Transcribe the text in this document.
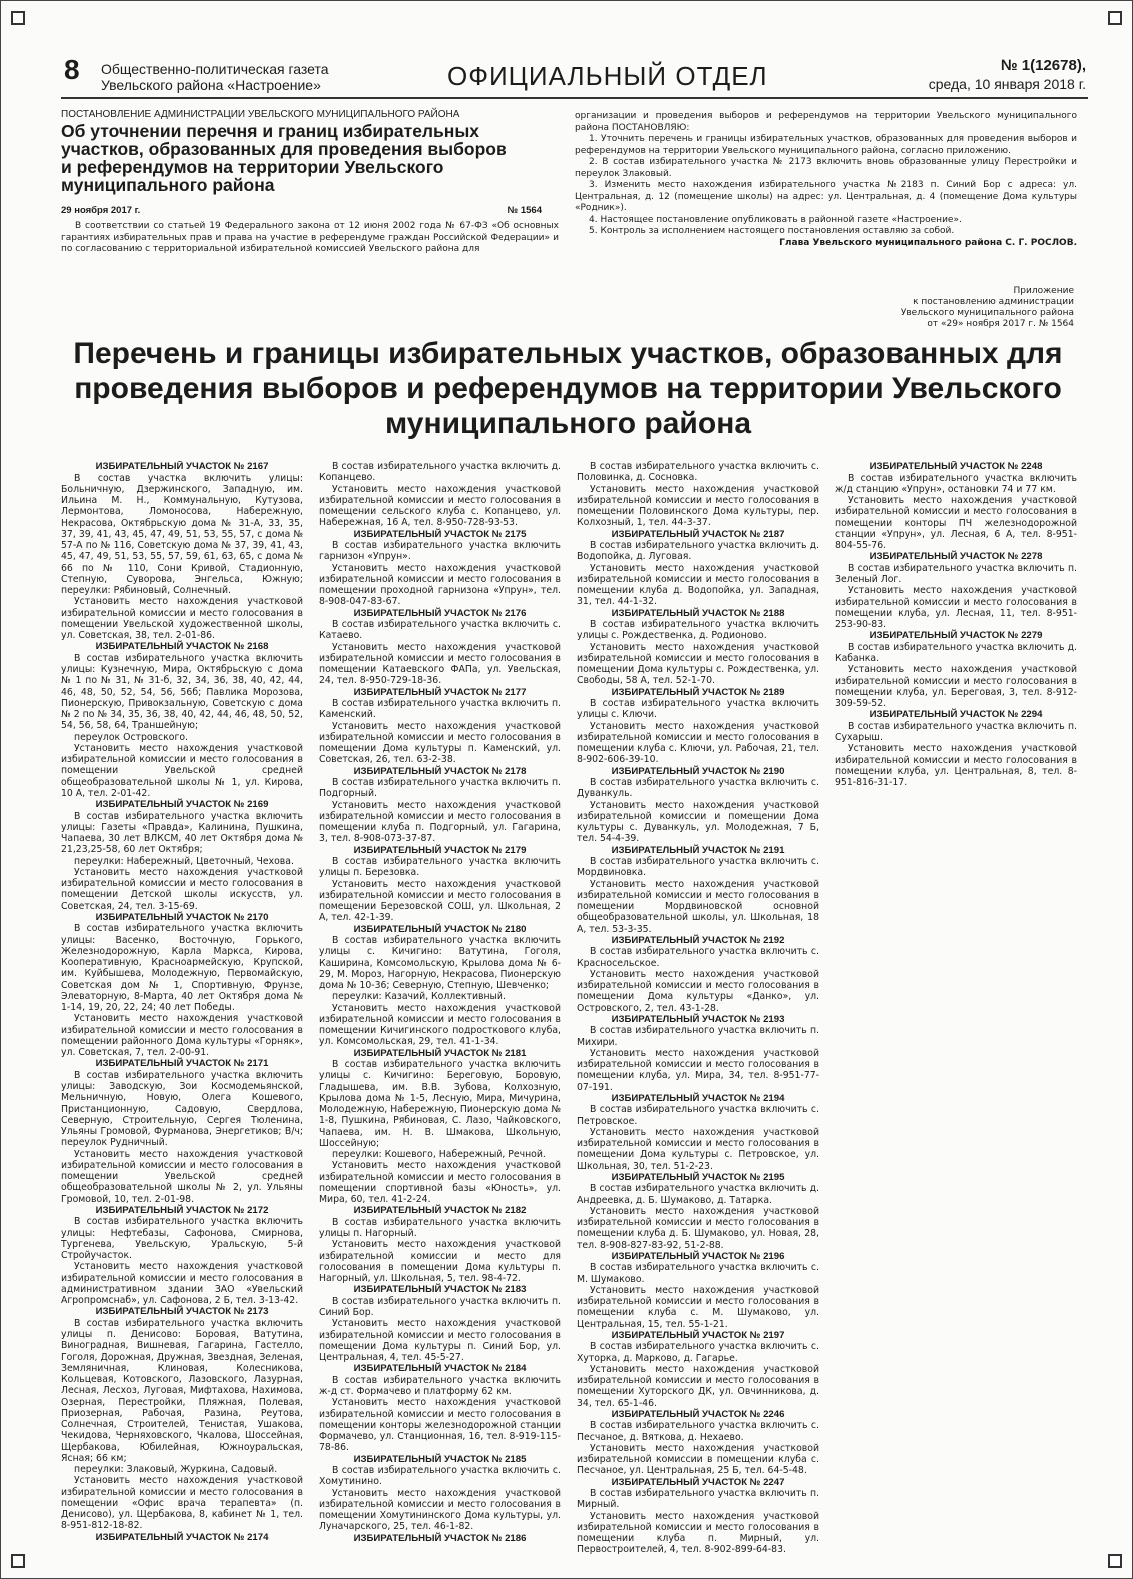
8 Общественно-политическая газета
Увельского района «Настроение»	ОФИЦИАЛЬНЫЙ ОТДЕЛ	№ 1(12678),
среда, 10 января 2018 г.
ПОСТАНОВЛЕНИЕ АДМИНИСТРАЦИИ УВЕЛЬСКОГО МУНИЦИПАЛЬНОГО РАЙОНА
Об уточнении перечня и границ избирательных участков, образованных для проведения выборов и референдумов на территории Увельского муниципального района
29 ноября 2017 г.	№ 1564

В соответствии со статьей 19 Федерального закона от 12 июня 2002 года № 67-ФЗ «Об основных гарантиях избирательных прав и права на участие в референдуме граждан Российской Федерации» и по согласованию с территориальной избирательной комиссией Увельского района для

организации и проведения выборов и референдумов на территории Увельского муниципального района ПОСТАНОВЛЯЮ:

1. Уточнить перечень и границы избирательных участков, образованных для проведения выборов и референдумов на территории Увельского муниципального района, согласно приложению.

2. В состав избирательного участка № 2173 включить вновь образованные улицу Перестройки и переулок Злаковый.

3. Изменить место нахождения избирательного участка №2183 п. Синий Бор с адреса: ул. Центральная, д. 12 (помещение школы) на адрес: ул. Центральная, д. 4 (помещение Дома культуры «Родник»).

4. Настоящее постановление опубликовать в районной газете «Настроение».

5. Контроль за исполнением настоящего постановления оставляю за собой.

Глава Увельского муниципального района С. Г. РОСЛОВ.

Приложение
к постановлению администрации
Увельского муниципального района
от «29» ноября 2017 г. № 1564
Перечень и границы избирательных участков, образованных для проведения выборов и референдумов на территории Увельского муниципального района
ИЗБИРАТЕЛЬНЫЙ УЧАСТОК № 2167

В состав участка включить улицы: Больничную, Дзержинского, Западную, им. Ильина М. Н., Коммунальную, Кутузова, Лермонтова, Ломоносова, Набережную, Некрасова, Октябрьскую дома № 31-А, 33, 35, 37, 39, 41, 43, 45, 47, 49, 51, 53, 55, 57, с дома № 57-А по № 116, Советскую дома № 37, 39, 41, 43, 45, 47, 49, 51, 53, 55, 57, 59, 61, 63, 65, с дома № 66 по № 110, Сони Кривой, Стадионную, Степную, Суворова, Энгельса, Южную; переулки: Рябиновый, Солнечный.

Установить место нахождения участковой избирательной комиссии и место голосования в помещении Увельской художественной школы, ул. Советская, 38, тел. 2-01-86.

ИЗБИРАТЕЛЬНЫЙ УЧАСТОК № 2168

В состав избирательного участка включить улицы: Кузнечную, Мира, Октябрьскую с дома № 1 по № 31, № 31-б, 32, 34, 36, 38, 40, 42, 44, 46, 48, 50, 52, 54, 56, 56б; Павлика Морозова, Пионерскую, Привокзальную, Советскую с дома № 2 по № 34, 35, 36, 38, 40, 42, 44, 46, 48, 50, 52, 54, 56, 58, 64, Траншейную;

переулок Островского.

Установить место нахождения участковой избирательной комиссии и место голосования в помещении Увельской средней общеобразовательной школы № 1, ул. Кирова, 10 А, тел. 2-01-42.

ИЗБИРАТЕЛЬНЫЙ УЧАСТОК № 2169

В состав избирательного участка включить улицы: Газеты «Правда», Калинина, Пушкина, Чапаева, 30 лет ВЛКСМ, 40 лет Октября дома № 21,23,25-58, 60 лет Октября;

переулки: Набережный, Цветочный, Чехова.

Установить место нахождения участковой избирательной комиссии и место голосования в помещении Детской школы искусств, ул. Советская, 24, тел. 3-15-69.

ИЗБИРАТЕЛЬНЫЙ УЧАСТОК № 2170

В состав избирательного участка включить улицы: Васенко, Восточную, Горького, Железнодорожную, Карла Маркса, Кирова, Кооперативную, Красноармейскую, Крупской, им. Куйбышева, Молодежную, Первомайскую, Советская дом № 1, Спортивную, Фрунзе, Элеваторную, 8-Марта, 40 лет Октября дома № 1-14, 19, 20, 22, 24; 40 лет Победы.

Установить место нахождения участковой избирательной комиссии и место голосования в помещении районного Дома культуры «Горняк», ул. Советская, 7, тел. 2-00-91.

ИЗБИРАТЕЛЬНЫЙ УЧАСТОК № 2171

В состав избирательного участка включить улицы: Заводскую, Зои Космодемьянской, Мельничную, Новую, Олега Кошевого, Пристанционную, Садовую, Свердлова, Северную, Строительную, Сергея Тюленина, Ульяны Громовой, Фурманова, Энергетиков; В/ч; переулок Рудничный.

Установить место нахождения участковой избирательной комиссии и место голосования в помещении Увельской средней общеобразовательной школы № 2, ул. Ульяны Громовой, 10, тел. 2-01-98.

ИЗБИРАТЕЛЬНЫЙ УЧАСТОК № 2172

В состав избирательного участка включить улицы: Нефтебазы, Сафонова, Смирнова, Тургенева, Увельскую, Уральскую, 5-й Стройучасток.

Установить место нахождения участковой избирательной комиссии и место голосования в административном здании ЗАО «Увельский Агропромснаб», ул. Сафонова, 2 Б, тел. 3-13-42.

ИЗБИРАТЕЛЬНЫЙ УЧАСТОК № 2173

В состав избирательного участка включить улицы п. Денисово: Боровая, Ватутина, Виноградная, Вишневая, Гагарина, Гастелло, Гоголя, Дорожная, Дружная, Звездная, Зеленая, Земляничная, Клиновая, Колесникова, Кольцевая, Котовского, Лазовского, Лазурная, Лесная, Лесхоз, Луговая, Мифтахова, Нахимова, Озерная, Перестройки, Пляжная, Полевая, Приозерная, Рабочая, Разина, Реутова, Солнечная, Строителей, Тенистая, Ушакова, Чекидова, Черняховского, Чкалова, Шоссейная, Щербакова, Юбилейная, Южноуральская, Ясная; 66 км;

переулки: Злаковый, Журкина, Садовый.

Установить место нахождения участковой избирательной комиссии и место голосования в помещении «Офис врача терапевта» (п. Денисово), ул. Щербакова, 8, кабинет № 1, тел. 8-951-812-18-82.

ИЗБИРАТЕЛЬНЫЙ УЧАСТОК № 2174

В состав избирательного участка включить д. Копанцево.

Установить место нахождения участковой избирательной комиссии и место голосования в помещении сельского клуба с. Копанцево, ул. Набережная, 16 А, тел. 8-950-728-93-53.

ИЗБИРАТЕЛЬНЫЙ УЧАСТОК № 2175

В состав избирательного участка включить гарнизон «Упрун».

Установить место нахождения участковой избирательной комиссии и место голосования в помещении проходной гарнизона «Упрун», тел. 8-908-047-83-67.

ИЗБИРАТЕЛЬНЫЙ УЧАСТОК № 2176

В состав избирательного участка включить с. Катаево.

Установить место нахождения участковой избирательной комиссии и место голосования в помещении Катаевского ФАПа, ул. Увельская, 24, тел. 8-950-729-18-36.

ИЗБИРАТЕЛЬНЫЙ УЧАСТОК № 2177

В состав избирательного участка включить п. Каменский.

Установить место нахождения участковой избирательной комиссии и место голосования в помещении Дома культуры п. Каменский, ул. Советская, 26, тел. 63-2-38.

ИЗБИРАТЕЛЬНЫЙ УЧАСТОК № 2178

В состав избирательного участка включить п. Подгорный.

Установить место нахождения участковой избирательной комиссии и место голосования в помещении клуба п. Подгорный, ул. Гагарина, 3, тел. 8-908-073-37-87.

ИЗБИРАТЕЛЬНЫЙ УЧАСТОК № 2179

В состав избирательного участка включить улицы п. Березовка.

Установить место нахождения участковой избирательной комиссии и место голосования в помещении Березовской СОШ, ул. Школьная, 2 А, тел. 42-1-39.

ИЗБИРАТЕЛЬНЫЙ УЧАСТОК № 2180

В состав избирательного участка включить улицы с. Кичигино: Ватутина, Гоголя, Каширина, Комсомольскую, Крылова дома № 6-29, М. Мороз, Нагорную, Некрасова, Пионерскую дома № 10-36; Северную, Степную, Шевченко;

переулки: Казачий, Коллективный.

Установить место нахождения участковой избирательной комиссии и место голосования в помещении Кичигинского подросткового клуба, ул. Комсомольская, 29, тел. 41-1-34.

ИЗБИРАТЕЛЬНЫЙ УЧАСТОК № 2181

В состав избирательного участка включить улицы с. Кичигино: Береговую, Боровую, Гладышева, им. В.В. Зубова, Колхозную, Крылова дома № 1-5, Лесную, Мира, Мичурина, Молодежную, Набережную, Пионерскую дома № 1-8, Пушкина, Рябиновая, С. Лазо, Чайковского, Чапаева, им. Н. В. Шмакова, Школьную, Шоссейную;

переулки: Кошевого, Набережный, Речной.

Установить место нахождения участковой избирательной комиссии и место голосования в помещении спортивной базы «Юность», ул. Мира, 60, тел. 41-2-24.

ИЗБИРАТЕЛЬНЫЙ УЧАСТОК № 2182

В состав избирательного участка включить улицы п. Нагорный.

Установить место нахождения участковой избирательной комиссии и место для голосования в помещении Дома культуры п. Нагорный, ул. Школьная, 5, тел. 98-4-72.

ИЗБИРАТЕЛЬНЫЙ УЧАСТОК № 2183

В состав избирательного участка включить п. Синий Бор.

Установить место нахождения участковой избирательной комиссии и место голосования в помещении Дома культуры п. Синий Бор, ул. Центральная, 4, тел. 45-5-27.

ИЗБИРАТЕЛЬНЫЙ УЧАСТОК № 2184

В состав избирательного участка включить ж-д ст. Формачево и платформу 62 км.

Установить место нахождения участковой избирательной комиссии и место голосования в помещении конторы железнодорожной станции Формачево, ул. Станционная, 16, тел. 8-919-115-78-86.

ИЗБИРАТЕЛЬНЫЙ УЧАСТОК № 2185

В состав избирательного участка включить с. Хомутинино.

Установить место нахождения участковой избирательной комиссии и место голосования в помещении Хомутининского Дома культуры, ул. Луначарского, 25, тел. 46-1-82.

ИЗБИРАТЕЛЬНЫЙ УЧАСТОК № 2186

В состав избирательного участка включить с. Половинка, д. Сосновка.

Установить место нахождения участковой избирательной комиссии и место голосования в помещении Половинского Дома культуры, пер. Колхозный, 1, тел. 44-3-37.

ИЗБИРАТЕЛЬНЫЙ УЧАСТОК № 2187

В состав избирательного участка включить д. Водопойка, д. Луговая.

Установить место нахождения участковой избирательной комиссии и место голосования в помещении клуба д. Водопойка, ул. Западная, 31, тел. 44-1-32.

ИЗБИРАТЕЛЬНЫЙ УЧАСТОК № 2188

В состав избирательного участка включить улицы с. Рождественка, д. Родионово.

Установить место нахождения участковой избирательной комиссии и место голосования в помещении Дома культуры с. Рождественка, ул. Свободы, 58 А, тел. 52-1-70.

ИЗБИРАТЕЛЬНЫЙ УЧАСТОК № 2189

В состав избирательного участка включить улицы с. Ключи.

Установить место нахождения участковой избирательной комиссии и место голосования в помещении клуба с. Ключи, ул. Рабочая, 21, тел. 8-902-606-39-10.

ИЗБИРАТЕЛЬНЫЙ УЧАСТОК № 2190

В состав избирательного участка включить с. Дуванкуль.

Установить место нахождения участковой избирательной комиссии и помещении Дома культуры с. Дуванкуль, ул. Молодежная, 7 Б, тел. 54-4-39.

ИЗБИРАТЕЛЬНЫЙ УЧАСТОК № 2191

В состав избирательного участка включить с. Мордвиновка.

Установить место нахождения участковой избирательной комиссии и место голосования в помещении Мордвиновской основной общеобразовательной школы, ул. Школьная, 18 А, тел. 53-3-35.

ИЗБИРАТЕЛЬНЫЙ УЧАСТОК № 2192

В состав избирательного участка включить с. Красносельское.

Установить место нахождения участковой избирательной комиссии и место голосования в помещении Дома культуры «Данко», ул. Островского, 2, тел. 43-1-28.

ИЗБИРАТЕЛЬНЫЙ УЧАСТОК № 2193

В состав избирательного участка включить п. Михири.

Установить место нахождения участковой избирательной комиссии и место голосования в помещении клуба, ул. Мира, 34, тел. 8-951-77-07-191.

ИЗБИРАТЕЛЬНЫЙ УЧАСТОК № 2194

В состав избирательного участка включить с. Петровское.

Установить место нахождения участковой избирательной комиссии и место голосования в помещении Дома культуры с. Петровское, ул. Школьная, 30, тел. 51-2-23.

ИЗБИРАТЕЛЬНЫЙ УЧАСТОК № 2195

В состав избирательного участка включить д. Андреевка, д. Б. Шумаково, д. Татарка.

Установить место нахождения участковой избирательной комиссии и место голосования в помещении клуба д. Б. Шумаково, ул. Новая, 28, тел. 8-908-827-83-92, 51-2-88.

ИЗБИРАТЕЛЬНЫЙ УЧАСТОК № 2196

В состав избирательного участка включить с. М. Шумаково.

Установить место нахождения участковой избирательной комиссии и место голосования в помещении клуба с. М. Шумаково, ул. Центральная, 15, тел. 55-1-21.

ИЗБИРАТЕЛЬНЫЙ УЧАСТОК № 2197

В состав избирательного участка включить с. Хуторка, д. Марково, д. Гагарье.

Установить место нахождения участковой избирательной комиссии и место голосования в помещении Хуторского ДК, ул. Овчинникова, д. 34, тел. 65-1-46.

ИЗБИРАТЕЛЬНЫЙ УЧАСТОК № 2246

В состав избирательного участка включить с. Песчаное, д. Вяткова, д. Нехаево.

Установить место нахождения участковой избирательной комиссии в помещении клуба с. Песчаное, ул. Центральная, 25 Б, тел. 64-5-48.

ИЗБИРАТЕЛЬНЫЙ УЧАСТОК № 2247

В состав избирательного участка включить п. Мирный.

Установить место нахождения участковой избирательной комиссии и место голосования в помещении клуба п. Мирный, ул. Первостроителей, 4, тел. 8-902-899-64-83.

ИЗБИРАТЕЛЬНЫЙ УЧАСТОК № 2248

В состав избирательного участка включить ж/д станцию «Упрун», остановки 74 и 77 км.

Установить место нахождения участковой избирательной комиссии и место голосования в помещении конторы ПЧ железнодорожной станции «Упрун», ул. Лесная, 6 А, тел. 8-951-804-55-76.

ИЗБИРАТЕЛЬНЫЙ УЧАСТОК № 2278

В состав избирательного участка включить п. Зеленый Лог.

Установить место нахождения участковой избирательной комиссии и место голосования в помещении клуба, ул. Лесная, 11, тел. 8-951-253-90-83.

ИЗБИРАТЕЛЬНЫЙ УЧАСТОК № 2279

В состав избирательного участка включить д. Кабанка.

Установить место нахождения участковой избирательной комиссии и место голосования в помещении клуба, ул. Береговая, 3, тел. 8-912-309-59-52.

ИЗБИРАТЕЛЬНЫЙ УЧАСТОК № 2294

В состав избирательного участка включить п. Сухарыш.

Установить место нахождения участковой избирательной комиссии и место голосования в помещении клуба, ул. Центральная, 8, тел. 8-951-816-31-17.
